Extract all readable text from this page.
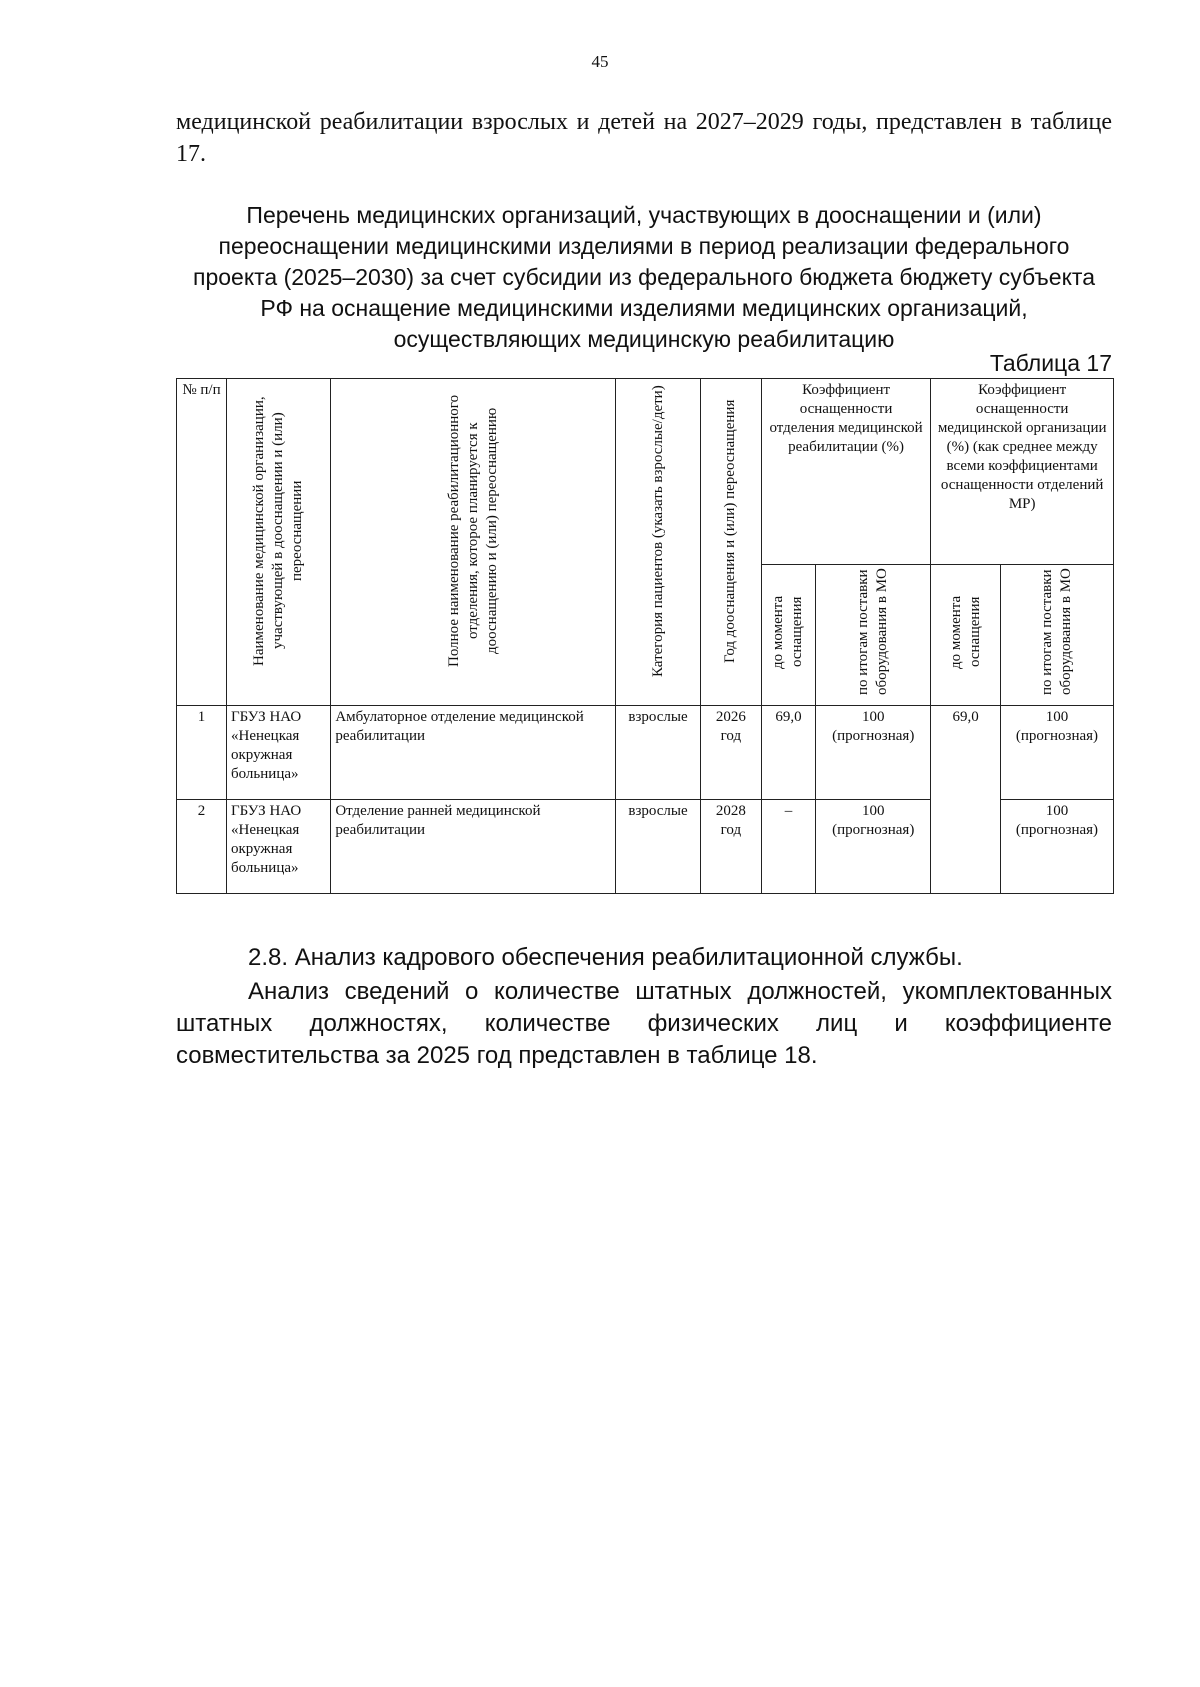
45

медицинской реабилитации взрослых и детей на 2027–2029 годы, представлен в таблице 17.

Перечень медицинских организаций, участвующих в дооснащении и (или) переоснащении медицинскими изделиями в период реализации федерального проекта (2025–2030) за счет субсидии из федерального бюджета бюджету субъекта РФ на оснащение медицинскими изделиями медицинских организаций, осуществляющих медицинскую реабилитацию

Таблица 17
№ п/п	Наименование медицинской организации, участвующей в дооснащении и (или) переоснащении	Полное наименование реабилитационного отделения, которое планируется к дооснащению и (или) переоснащению	Категория пациентов (указать взрослые/дети)	Год дооснащения и (или) переоснащения	Коэффициент оснащенности отделения медицинской реабилитации (%)		Коэффициент оснащенности медицинской организации (%) (как среднее между всеми коэффициентами оснащенности отделений МР)	
					до момента оснащения	по итогам поставки оборудования в МО	до момента оснащения	по итогам поставки оборудования в МО
1	ГБУЗ НАО «Ненецкая окружная больница»	Амбулаторное отделение медицинской реабилитации	взрослые	2026 год	69,0	100 (прогнозная)	69,0	100 (прогнозная)
2	ГБУЗ НАО «Ненецкая окружная больница»	Отделение ранней медицинской реабилитации	взрослые	2028 год	–	100 (прогнозная)		100 (прогнозная)

2.8. Анализ кадрового обеспечения реабилитационной службы.

Анализ сведений о количестве штатных должностей, укомплектованных штатных должностях, количестве физических лиц и коэффициенте совместительства за 2025 год представлен в таблице 18.
